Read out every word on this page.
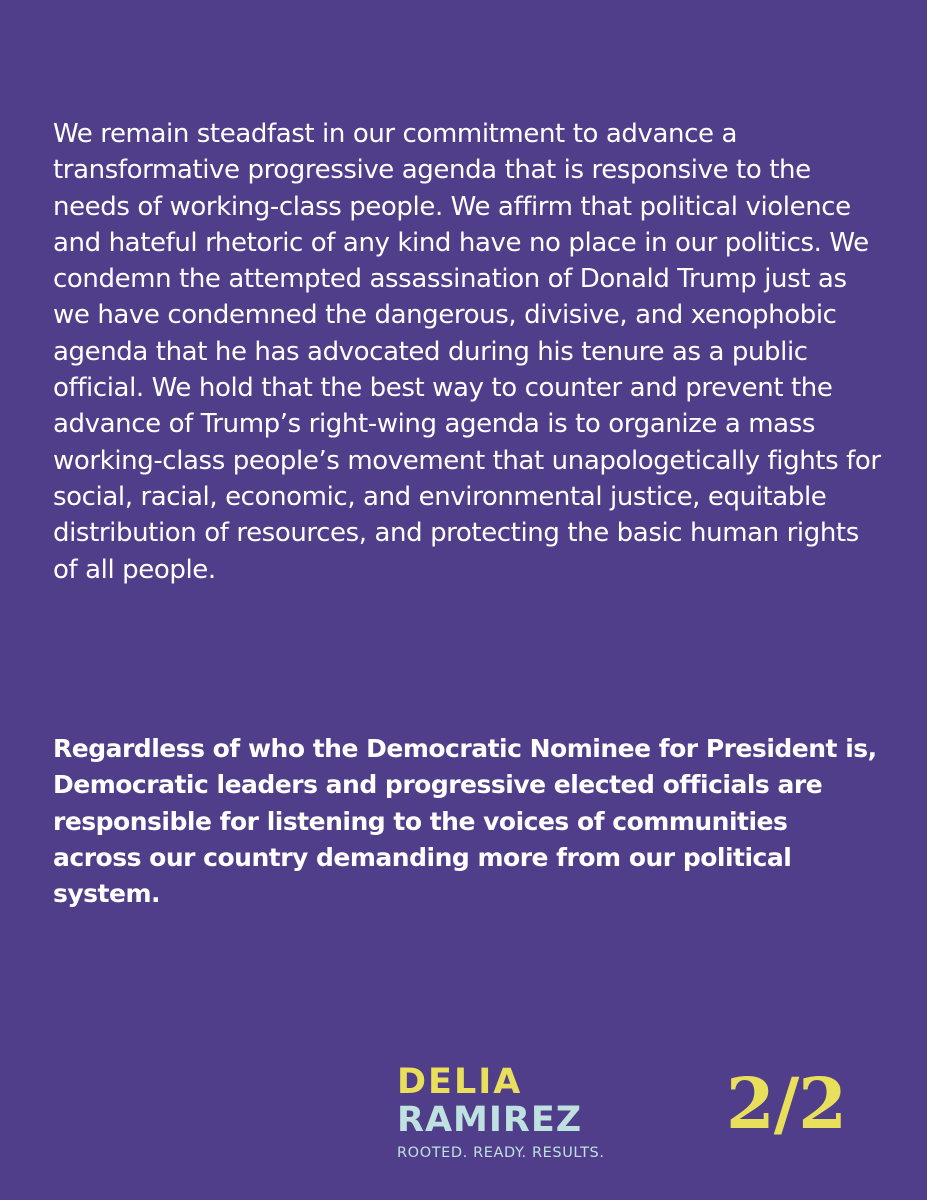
We remain steadfast in our commitment to advance a transformative progressive agenda that is responsive to the needs of working-class people. We affirm that political violence and hateful rhetoric of any kind have no place in our politics. We condemn the attempted assassination of Donald Trump just as we have condemned the dangerous, divisive, and xenophobic agenda that he has advocated during his tenure as a public official. We hold that the best way to counter and prevent the advance of Trump’s right-wing agenda is to organize a mass working-class people’s movement that unapologetically fights for social, racial, economic, and environmental justice, equitable distribution of resources, and protecting the basic human rights of all people.

Regardless of who the Democratic Nominee for President is, Democratic leaders and progressive elected officials are responsible for listening to the voices of communities across our country demanding more from our political system.

DELIA
RAMIREZ
ROOTED. READY. RESULTS.
2/2
